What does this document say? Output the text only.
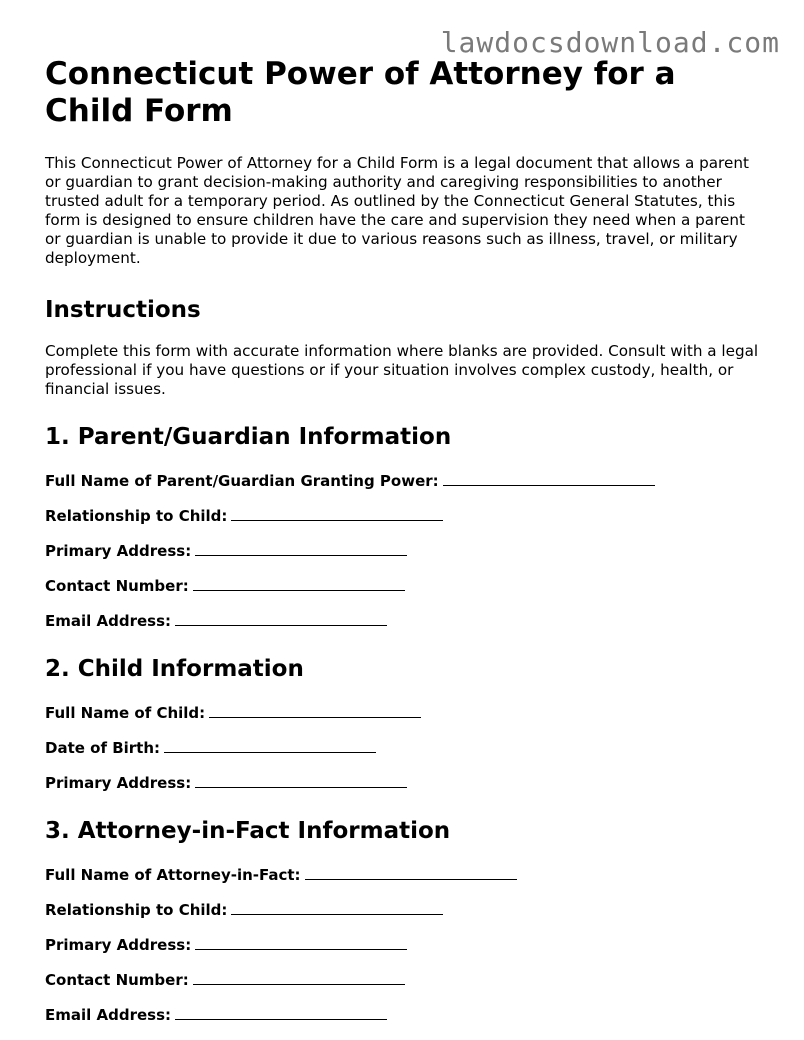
lawdocsdownload.com
Connecticut Power of Attorney for a Child Form

This Connecticut Power of Attorney for a Child Form is a legal document that allows a parent or guardian to grant decision-making authority and caregiving responsibilities to another trusted adult for a temporary period. As outlined by the Connecticut General Statutes, this form is designed to ensure children have the care and supervision they need when a parent or guardian is unable to provide it due to various reasons such as illness, travel, or military deployment.

Instructions

Complete this form with accurate information where blanks are provided. Consult with a legal professional if you have questions or if your situation involves complex custody, health, or financial issues.

1. Parent/Guardian Information
Full Name of Parent/Guardian Granting Power:
Relationship to Child:
Primary Address:
Contact Number:
Email Address:
2. Child Information
Full Name of Child:
Date of Birth:
Primary Address:
3. Attorney-in-Fact Information
Full Name of Attorney-in-Fact:
Relationship to Child:
Primary Address:
Contact Number:
Email Address:
